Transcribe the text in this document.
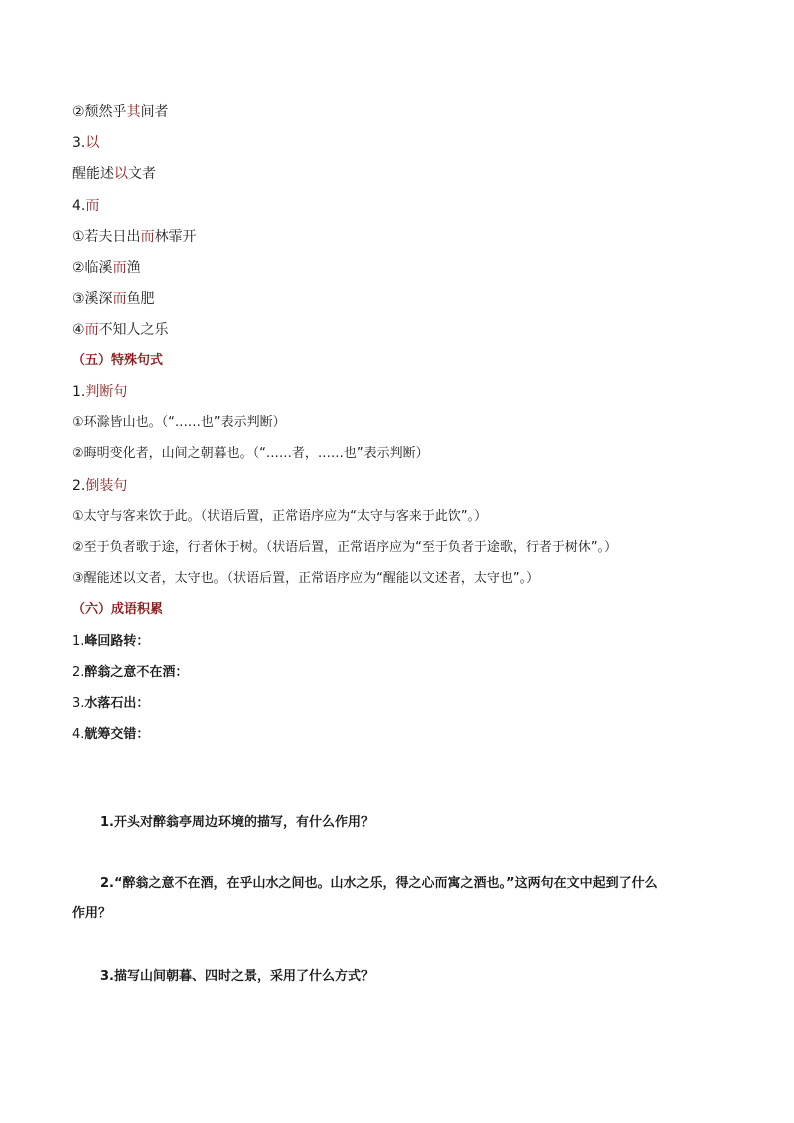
②颓然乎其间者
3.以
醒能述以文者
4.而
①若夫日出而林霏开
②临溪而渔
③溪深而鱼肥
④而不知人之乐
（五）特殊句式
1.判断句
①环滁皆山也。（“……也”表示判断）
②晦明变化者，山间之朝暮也。（“……者，……也”表示判断）
2.倒装句
①太守与客来饮于此。（状语后置，正常语序应为“太守与客来于此饮”。）
②至于负者歌于途，行者休于树。（状语后置，正常语序应为“至于负者于途歌，行者于树休”。）
③醒能述以文者，太守也。（状语后置，正常语序应为“醒能以文述者，太守也”。）
（六）成语积累
1.峰回路转：
2.醉翁之意不在酒：
3.水落石出：
4.觥筹交错：
1.开头对醉翁亭周边环境的描写，有什么作用？
2.“醉翁之意不在酒，在乎山水之间也。山水之乐，得之心而寓之酒也。”这两句在文中起到了什么
作用？
3.描写山间朝暮、四时之景，采用了什么方式？
